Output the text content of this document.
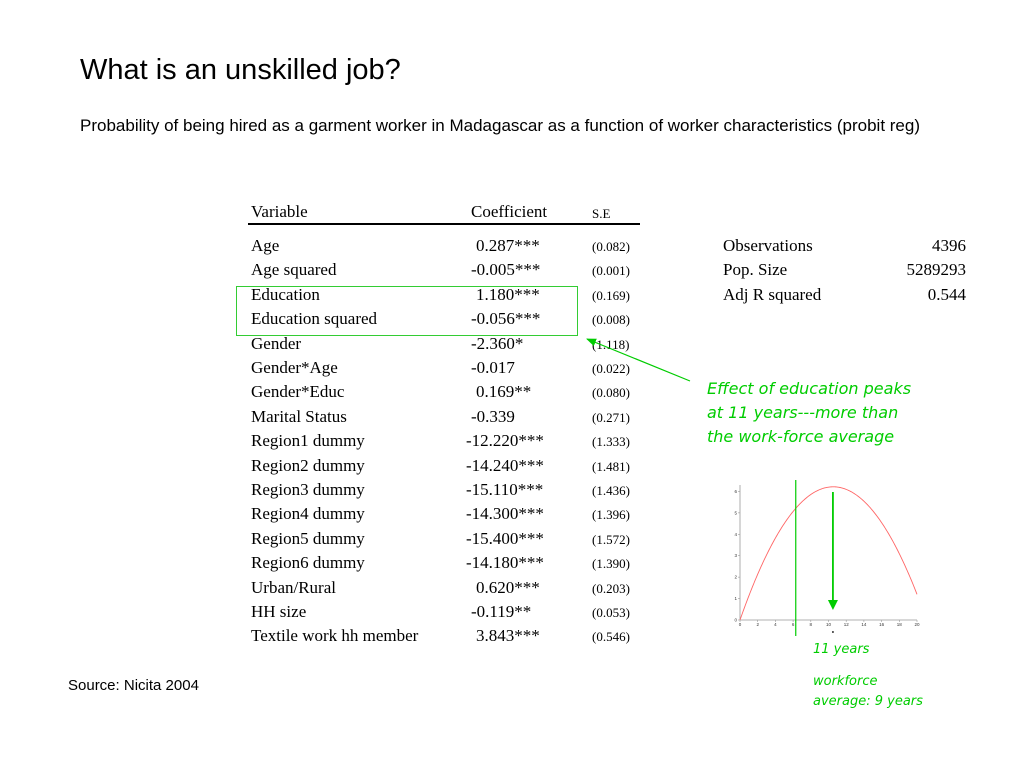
What is an unskilled job?
Probability of being hired as a garment worker in Madagascar as a function of worker characteristics (probit reg)
Variable	Coefficient	S.E
Age	0.287***	(0.082)
Age squared	-0.005***	(0.001)
Education	1.180***	(0.169)
Education squared	-0.056***	(0.008)
Gender	-2.360*	(1.118)
Gender*Age	-0.017	(0.022)
Gender*Educ	0.169**	(0.080)
Marital Status	-0.339	(0.271)
Region1 dummy	-12.220***	(1.333)
Region2 dummy	-14.240***	(1.481)
Region3 dummy	-15.110***	(1.436)
Region4 dummy	-14.300***	(1.396)
Region5 dummy	-15.400***	(1.572)
Region6 dummy	-14.180***	(1.390)
Urban/Rural	0.620***	(0.203)
HH size	-0.119**	(0.053)
Textile work hh member	3.843***	(0.546)
Observations	4396
Pop. Size	5289293
Adj R squared	0.544
Effect of education peaks
at 11 years---more than
the work-force average
11 years
workforce
average: 9 years
0	2	4	6	8	10	12	14	16	18	20
0
1
2
3
4
5
6
Source: Nicita 2004
